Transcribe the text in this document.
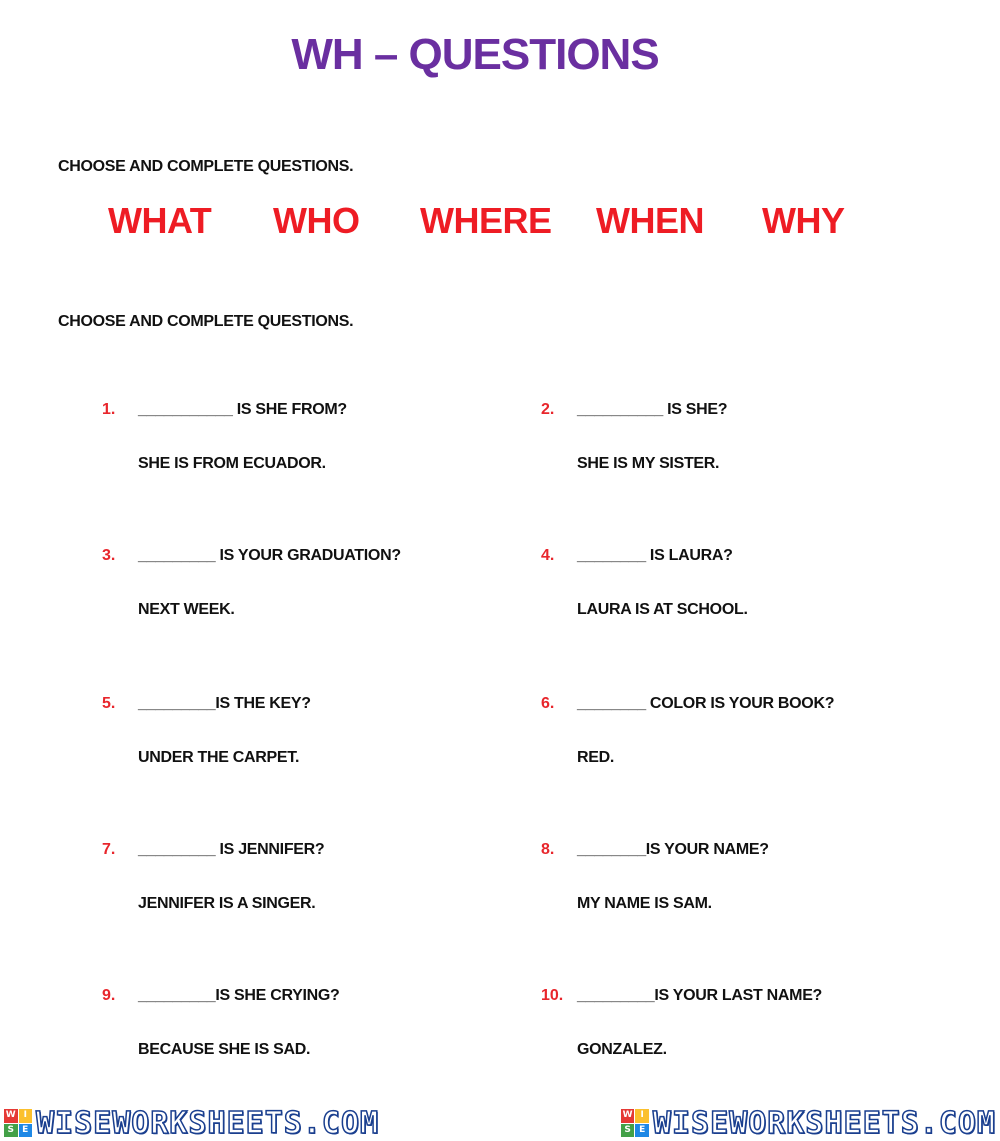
WH – QUESTIONS
CHOOSE AND COMPLETE QUESTIONS.
WHAT WHO WHERE WHEN WHY
CHOOSE AND COMPLETE QUESTIONS.
1. ___________ IS SHE FROM?
SHE IS FROM ECUADOR.
2. __________ IS SHE?
SHE IS MY SISTER.
3. _________ IS YOUR GRADUATION?
NEXT WEEK.
4. ________ IS LAURA?
LAURA IS AT SCHOOL.
5. _________IS THE KEY?
UNDER THE CARPET.
6. ________ COLOR IS YOUR BOOK?
RED.
7. _________ IS JENNIFER?
JENNIFER IS A SINGER.
8. ________IS YOUR NAME?
MY NAME IS SAM.
9. _________IS SHE CRYING?
BECAUSE SHE IS SAD.
10. _________IS YOUR LAST NAME?
GONZALEZ.
W I
S E WISEWORKSHEETS.COM	W I
S E WISEWORKSHEETS.COM
